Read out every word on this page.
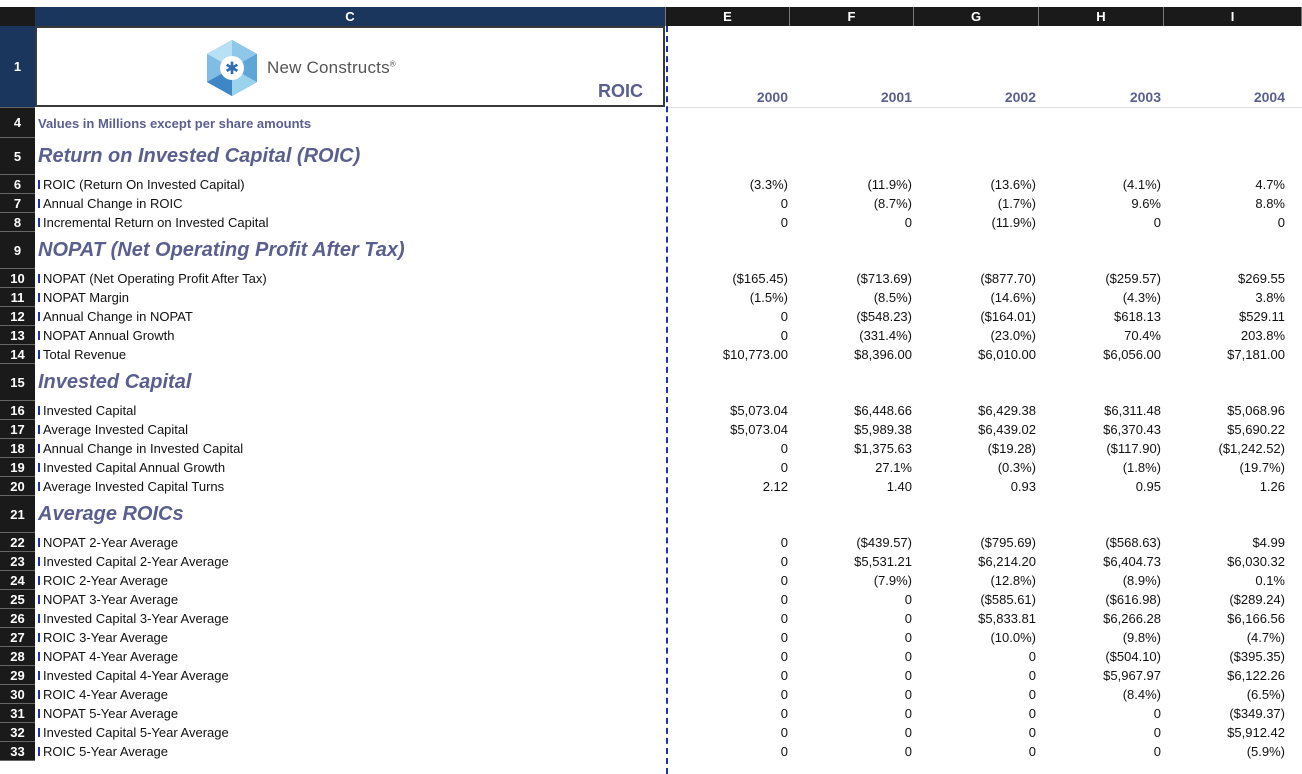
C	E	F	G	H	I
1	✱ New Constructs®
ROIC	2000	2001	2002	2003	2004
4	Values in Millions except per share amounts
5 Return on Invested Capital (ROIC)
6	ROIC (Return On Invested Capital)	(3.3%)	(11.9%)	(13.6%)	(4.1%)	4.7%
7	Annual Change in ROIC	0	(8.7%)	(1.7%)	9.6%	8.8%
8	Incremental Return on Invested Capital	0	0	(11.9%)	0	0
9 NOPAT (Net Operating Profit After Tax)
10	NOPAT (Net Operating Profit After Tax)	($165.45)	($713.69)	($877.70)	($259.57)	$269.55
11	NOPAT Margin	(1.5%)	(8.5%)	(14.6%)	(4.3%)	3.8%
12	Annual Change in NOPAT	0	($548.23)	($164.01)	$618.13	$529.11
13	NOPAT Annual Growth	0	(331.4%)	(23.0%)	70.4%	203.8%
14	Total Revenue	$10,773.00	$8,396.00	$6,010.00	$6,056.00	$7,181.00
15 Invested Capital
16	Invested Capital	$5,073.04	$6,448.66	$6,429.38	$6,311.48	$5,068.96
17	Average Invested Capital	$5,073.04	$5,989.38	$6,439.02	$6,370.43	$5,690.22
18	Annual Change in Invested Capital	0	$1,375.63	($19.28)	($117.90)	($1,242.52)
19	Invested Capital Annual Growth	0	27.1%	(0.3%)	(1.8%)	(19.7%)
20	Average Invested Capital Turns	2.12	1.40	0.93	0.95	1.26
21 Average ROICs
22	NOPAT 2-Year Average	0	($439.57)	($795.69)	($568.63)	$4.99
23	Invested Capital 2-Year Average	0	$5,531.21	$6,214.20	$6,404.73	$6,030.32
24	ROIC 2-Year Average	0	(7.9%)	(12.8%)	(8.9%)	0.1%
25	NOPAT 3-Year Average	0	0	($585.61)	($616.98)	($289.24)
26	Invested Capital 3-Year Average	0	0	$5,833.81	$6,266.28	$6,166.56
27	ROIC 3-Year Average	0	0	(10.0%)	(9.8%)	(4.7%)
28	NOPAT 4-Year Average	0	0	0	($504.10)	($395.35)
29	Invested Capital 4-Year Average	0	0	0	$5,967.97	$6,122.26
30	ROIC 4-Year Average	0	0	0	(8.4%)	(6.5%)
31	NOPAT 5-Year Average	0	0	0	0	($349.37)
32	Invested Capital 5-Year Average	0	0	0	0	$5,912.42
33	ROIC 5-Year Average	0	0	0	0	(5.9%)
